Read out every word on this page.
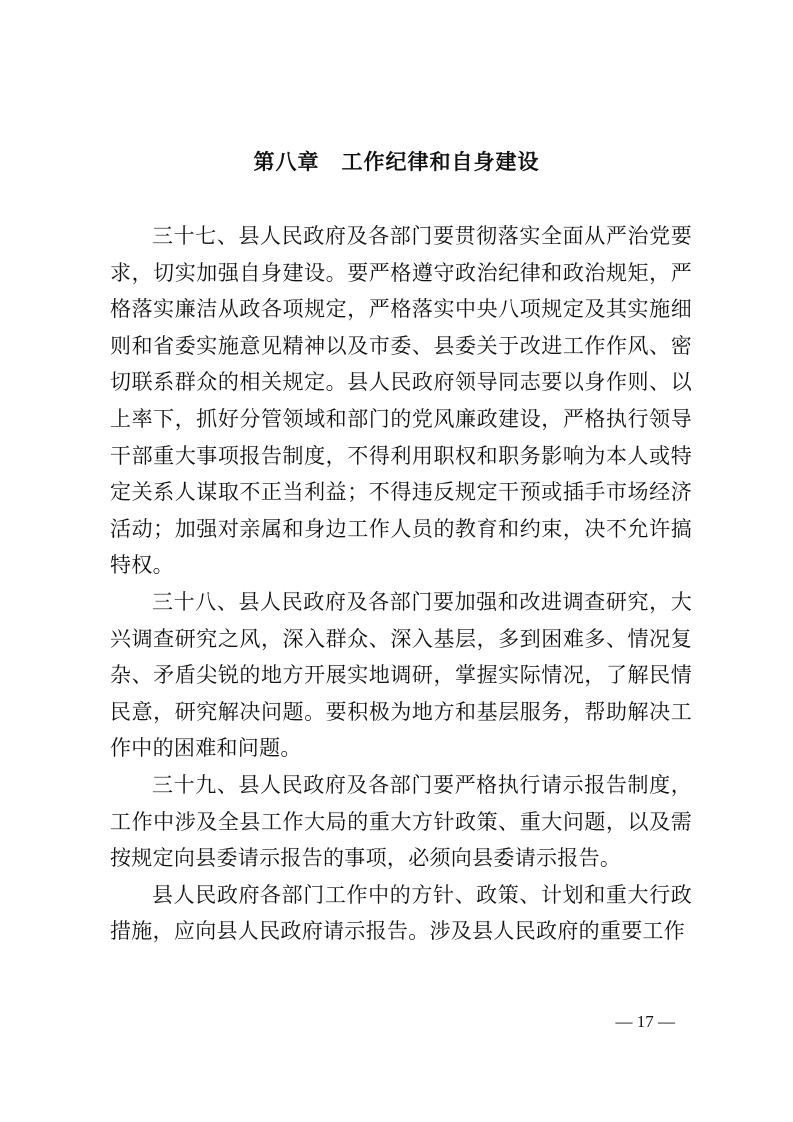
第八章　工作纪律和自身建设

三十七、县人民政府及各部门要贯彻落实全面从严治党要求，切实加强自身建设。要严格遵守政治纪律和政治规矩，严格落实廉洁从政各项规定，严格落实中央八项规定及其实施细则和省委实施意见精神以及市委、县委关于改进工作作风、密切联系群众的相关规定。县人民政府领导同志要以身作则、以上率下，抓好分管领域和部门的党风廉政建设，严格执行领导干部重大事项报告制度，不得利用职权和职务影响为本人或特定关系人谋取不正当利益；不得违反规定干预或插手市场经济活动；加强对亲属和身边工作人员的教育和约束，决不允许搞特权。

三十八、县人民政府及各部门要加强和改进调查研究，大兴调查研究之风，深入群众、深入基层，多到困难多、情况复杂、矛盾尖锐的地方开展实地调研，掌握实际情况，了解民情民意，研究解决问题。要积极为地方和基层服务，帮助解决工作中的困难和问题。

三十九、县人民政府及各部门要严格执行请示报告制度，工作中涉及全县工作大局的重大方针政策、重大问题，以及需按规定向县委请示报告的事项，必须向县委请示报告。

县人民政府各部门工作中的方针、政策、计划和重大行政措施，应向县人民政府请示报告。涉及县人民政府的重要工作

— 17 —
